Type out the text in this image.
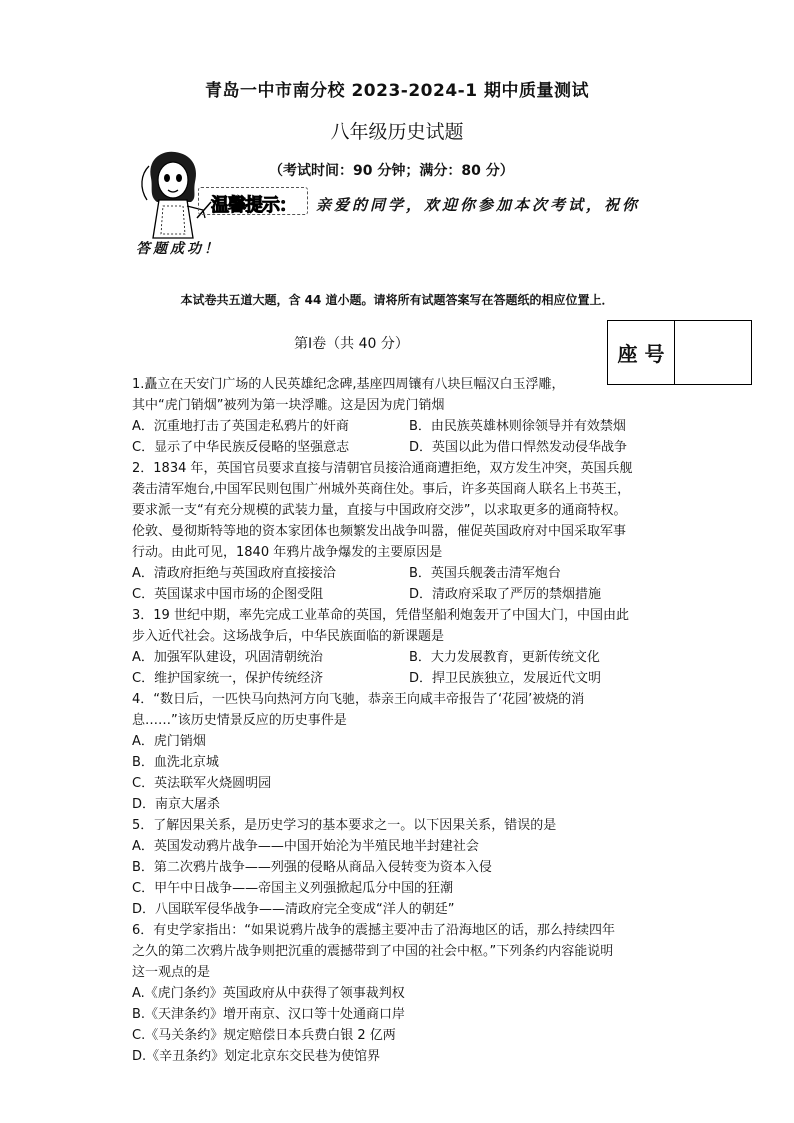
青岛一中市南分校 2023-2024-1 期中质量测试
八年级历史试题
（考试时间：90 分钟；满分：80 分）
温馨提示： 亲爱的同学，欢迎你参加本次考试，祝你
答题成功！
本试卷共五道大题，含 44 道小题。请将所有试题答案写在答题纸的相应位置上．
第Ⅰ卷（共 40 分）	座 号
1.矗立在天安门广场的人民英雄纪念碑,基座四周镶有八块巨幅汉白玉浮雕，
其中“虎门销烟”被列为第一块浮雕。这是因为虎门销烟
A．沉重地打击了英国走私鸦片的奸商	B．由民族英雄林则徐领导并有效禁烟
C．显示了中华民族反侵略的坚强意志	D．英国以此为借口悍然发动侵华战争
2．1834 年，英国官员要求直接与清朝官员接洽通商遭拒绝，双方发生冲突，英国兵舰
袭击清军炮台,中国军民则包围广州城外英商住处。事后，许多英国商人联名上书英王，
要求派一支“有充分规模的武装力量，直接与中国政府交涉”，以求取更多的通商特权。
伦敦、曼彻斯特等地的资本家团体也频繁发出战争叫嚣，催促英国政府对中国采取军事
行动。由此可见，1840 年鸦片战争爆发的主要原因是
A．清政府拒绝与英国政府直接接洽	B．英国兵舰袭击清军炮台
C．英国谋求中国市场的企图受阻	D．清政府采取了严厉的禁烟措施
3．19 世纪中期，率先完成工业革命的英国，凭借坚船利炮轰开了中国大门，中国由此
步入近代社会。这场战争后，中华民族面临的新课题是
A．加强军队建设，巩固清朝统治	B．大力发展教育，更新传统文化
C．维护国家统一，保护传统经济	D．捍卫民族独立，发展近代文明
4．“数日后，一匹快马向热河方向飞驰，恭亲王向咸丰帝报告了‘花园’被烧的消
息……”该历史情景反应的历史事件是
A．虎门销烟
B．血洗北京城
C．英法联军火烧圆明园
D．南京大屠杀
5．了解因果关系，是历史学习的基本要求之一。以下因果关系，错误的是
A．英国发动鸦片战争——中国开始沦为半殖民地半封建社会
B．第二次鸦片战争——列强的侵略从商品入侵转变为资本入侵
C．甲午中日战争——帝国主义列强掀起瓜分中国的狂潮
D．八国联军侵华战争——清政府完全变成“洋人的朝廷”
6．有史学家指出：“如果说鸦片战争的震撼主要冲击了沿海地区的话，那么持续四年
之久的第二次鸦片战争则把沉重的震撼带到了中国的社会中枢。”下列条约内容能说明
这一观点的是
A.《虎门条约》英国政府从中获得了领事裁判权
B.《天津条约》增开南京、汉口等十处通商口岸
C.《马关条约》规定赔偿日本兵费白银 2 亿两
D.《辛丑条约》划定北京东交民巷为使馆界
